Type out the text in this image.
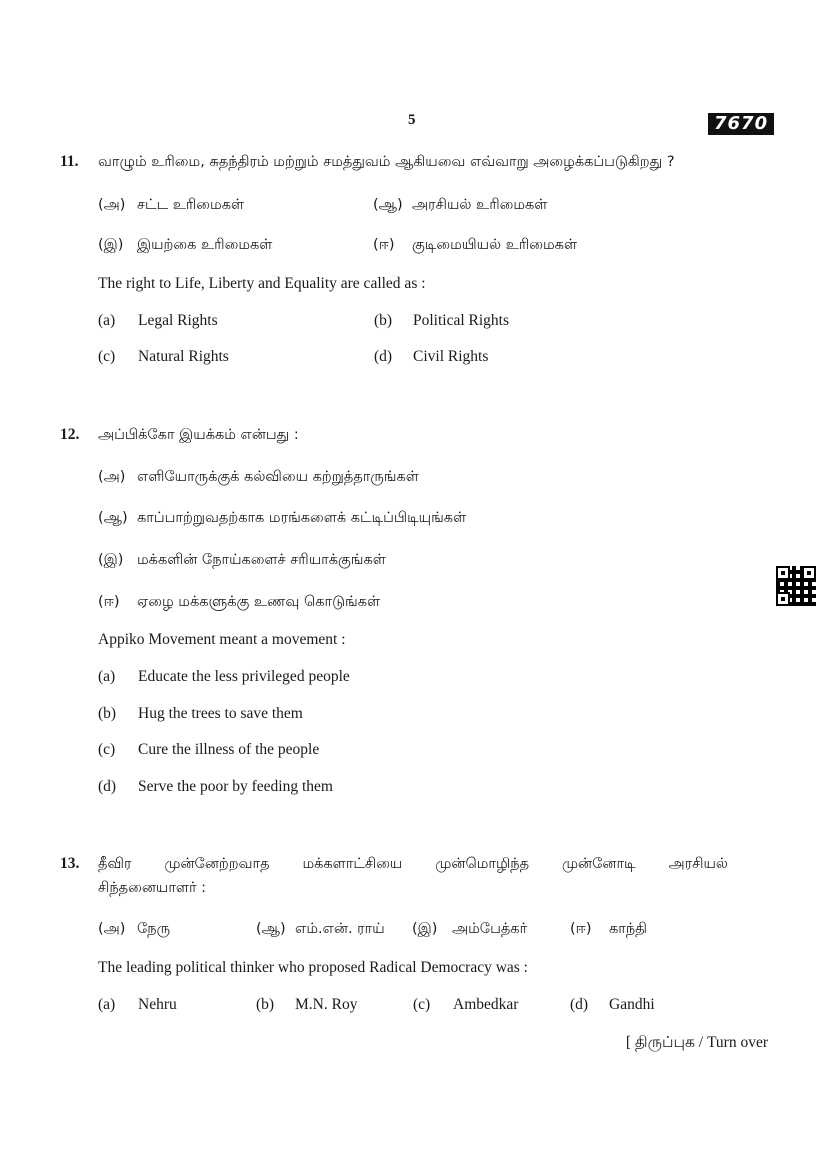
5	7670
11. வாழும் உரிமை, சுதந்திரம் மற்றும் சமத்துவம் ஆகியவை எவ்வாறு அழைக்கப்படுகிறது ?
(அ) சட்ட உரிமைகள்	(ஆ) அரசியல் உரிமைகள்
(இ) இயற்கை உரிமைகள்	(ஈ) குடிமையியல் உரிமைகள்
The right to Life, Liberty and Equality are called as :
(a) Legal Rights	(b) Political Rights
(c) Natural Rights	(d) Civil Rights
12. அப்பிக்கோ இயக்கம் என்பது :
(அ) எளியோருக்குக் கல்வியை கற்றுத்தாருங்கள்
(ஆ) காப்பாற்றுவதற்காக மரங்களைக் கட்டிப்பிடியுங்கள்
(இ) மக்களின் நோய்களைச் சரியாக்குங்கள்
(ஈ) ஏழை மக்களுக்கு உணவு கொடுங்கள்
Appiko Movement meant a movement :
(a) Educate the less privileged people
(b) Hug the trees to save them
(c) Cure the illness of the people
(d) Serve the poor by feeding them
13. தீவிர முன்னேற்றவாத மக்களாட்சியை முன்மொழிந்த முன்னோடி அரசியல்
சிந்தனையாளர் :
(அ) நேரு	(ஆ) எம்.என். ராய் (இ) அம்பேத்கர்	(ஈ) காந்தி
The leading political thinker who proposed Radical Democracy was :
(a) Nehru	(b) M.N. Roy	(c) Ambedkar	(d) Gandhi
[ திருப்புக / Turn over
